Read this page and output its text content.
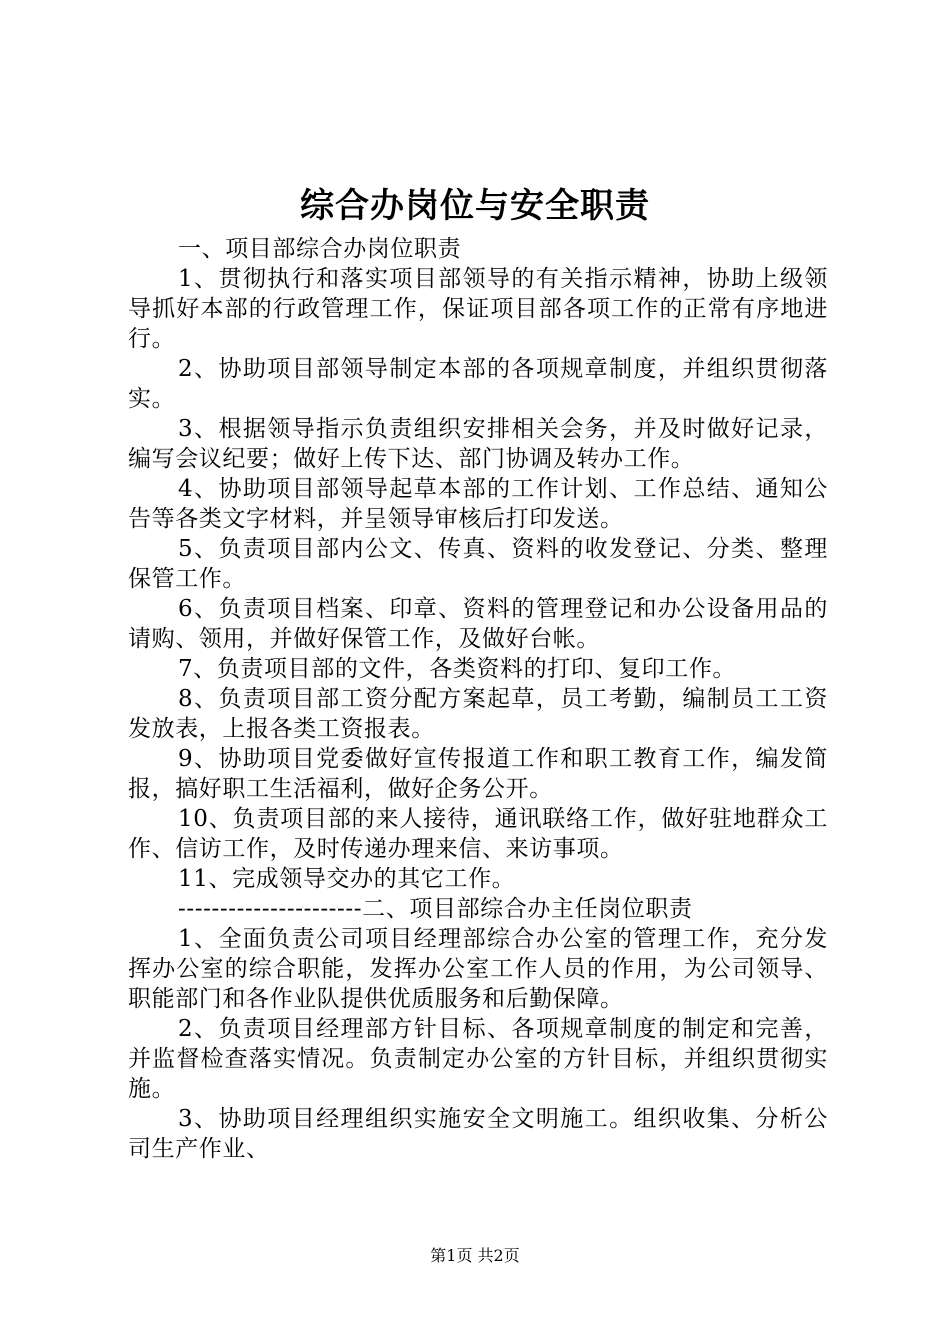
综合办岗位与安全职责

一、项目部综合办岗位职责

1、贯彻执行和落实项目部领导的有关指示精神，协助上级领导抓好本部的行政管理工作，保证项目部各项工作的正常有序地进行。

2、协助项目部领导制定本部的各项规章制度，并组织贯彻落实。

3、根据领导指示负责组织安排相关会务，并及时做好记录，编写会议纪要；做好上传下达、部门协调及转办工作。

4、协助项目部领导起草本部的工作计划、工作总结、通知公告等各类文字材料，并呈领导审核后打印发送。

5、负责项目部内公文、传真、资料的收发登记、分类、整理保管工作。

6、负责项目档案、印章、资料的管理登记和办公设备用品的请购、领用，并做好保管工作，及做好台帐。

7、负责项目部的文件，各类资料的打印、复印工作。

8、负责项目部工资分配方案起草，员工考勤，编制员工工资发放表，上报各类工资报表。

9、协助项目党委做好宣传报道工作和职工教育工作，编发简报，搞好职工生活福利，做好企务公开。

10、负责项目部的来人接待，通讯联络工作，做好驻地群众工作、信访工作，及时传递办理来信、来访事项。

11、完成领导交办的其它工作。

----------------------二、项目部综合办主任岗位职责

1、全面负责公司项目经理部综合办公室的管理工作，充分发挥办公室的综合职能，发挥办公室工作人员的作用，为公司领导、职能部门和各作业队提供优质服务和后勤保障。

2、负责项目经理部方针目标、各项规章制度的制定和完善，并监督检查落实情况。负责制定办公室的方针目标，并组织贯彻实施。

3、协助项目经理组织实施安全文明施工。组织收集、分析公司生产作业、

第1页 共2页
